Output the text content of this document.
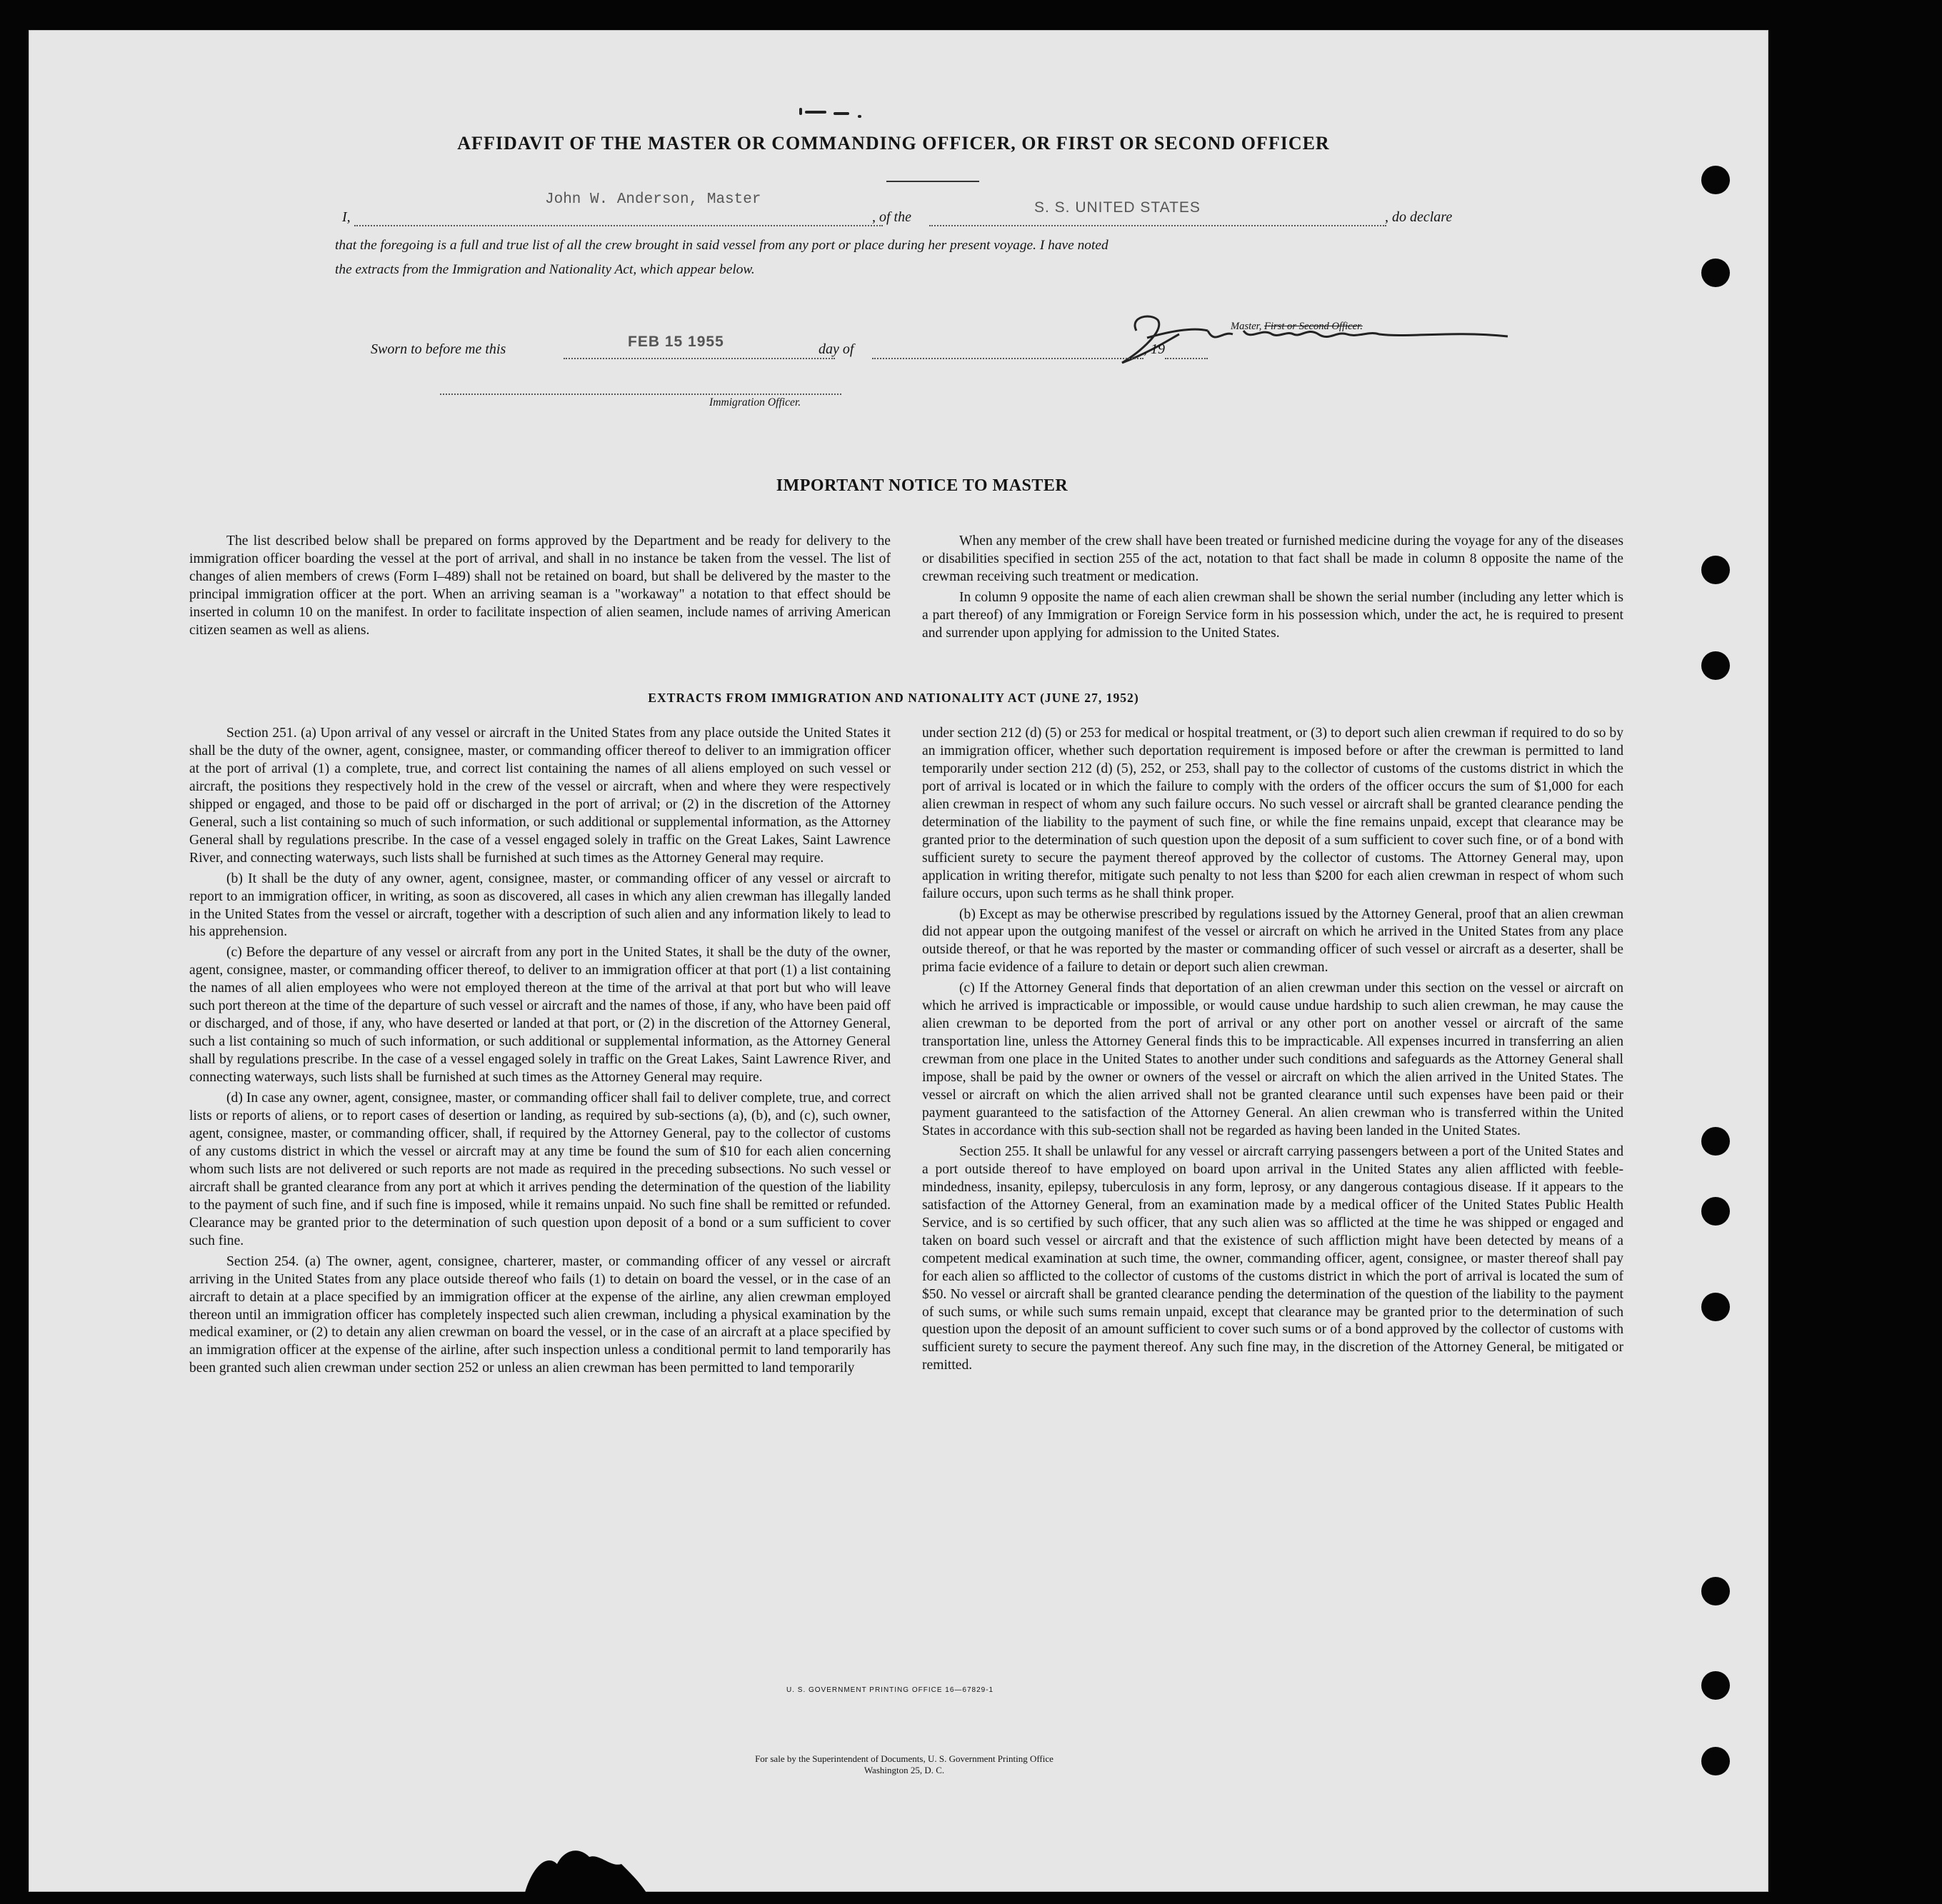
AFFIDAVIT OF THE MASTER OR COMMANDING OFFICER, OR FIRST OR SECOND OFFICER
I,
John W. Anderson, Master
, of the
S. S. UNITED STATES
, do declare
that the foregoing is a full and true list of all the crew brought in said vessel from any port or place during her present voyage. I have noted
the extracts from the Immigration and Nationality Act, which appear below.
Master, First or Second Officer.
Sworn to before me this	FEB 15 1955	day of	, 19
Immigration Officer.
IMPORTANT NOTICE TO MASTER

The list described below shall be prepared on forms approved by the Department and be ready for delivery to the immigration officer boarding the vessel at the port of arrival, and shall in no instance be taken from the vessel. The list of changes of alien members of crews (Form I–489) shall not be retained on board, but shall be delivered by the master to the principal immigration officer at the port. When an arriving seaman is a "workaway" a notation to that effect should be inserted in column 10 on the manifest. In order to facilitate inspection of alien seamen, include names of arriving American citizen seamen as well as aliens.

When any member of the crew shall have been treated or furnished medicine during the voyage for any of the diseases or disabilities specified in section 255 of the act, notation to that fact shall be made in column 8 opposite the name of the crewman receiving such treatment or medication.

In column 9 opposite the name of each alien crewman shall be shown the serial number (including any letter which is a part thereof) of any Immigration or Foreign Service form in his possession which, under the act, he is required to present and surrender upon applying for admission to the United States.

EXTRACTS FROM IMMIGRATION AND NATIONALITY ACT (JUNE 27, 1952)

Section 251. (a) Upon arrival of any vessel or aircraft in the United States from any place outside the United States it shall be the duty of the owner, agent, consignee, master, or commanding officer thereof to deliver to an immigration officer at the port of arrival (1) a complete, true, and correct list containing the names of all aliens employed on such vessel or aircraft, the positions they respectively hold in the crew of the vessel or aircraft, when and where they were respectively shipped or engaged, and those to be paid off or discharged in the port of arrival; or (2) in the discretion of the Attorney General, such a list containing so much of such information, or such additional or supplemental information, as the Attorney General shall by regulations prescribe. In the case of a vessel engaged solely in traffic on the Great Lakes, Saint Lawrence River, and connecting waterways, such lists shall be furnished at such times as the Attorney General may require.

(b) It shall be the duty of any owner, agent, consignee, master, or commanding officer of any vessel or aircraft to report to an immigration officer, in writing, as soon as discovered, all cases in which any alien crewman has illegally landed in the United States from the vessel or aircraft, together with a description of such alien and any information likely to lead to his apprehension.

(c) Before the departure of any vessel or aircraft from any port in the United States, it shall be the duty of the owner, agent, consignee, master, or commanding officer thereof, to deliver to an immigration officer at that port (1) a list containing the names of all alien employees who were not employed thereon at the time of the arrival at that port but who will leave such port thereon at the time of the departure of such vessel or aircraft and the names of those, if any, who have been paid off or discharged, and of those, if any, who have deserted or landed at that port, or (2) in the discretion of the Attorney General, such a list containing so much of such information, or such additional or supplemental information, as the Attorney General shall by regulations prescribe. In the case of a vessel engaged solely in traffic on the Great Lakes, Saint Lawrence River, and connecting waterways, such lists shall be furnished at such times as the Attorney General may require.

(d) In case any owner, agent, consignee, master, or commanding officer shall fail to deliver complete, true, and correct lists or reports of aliens, or to report cases of desertion or landing, as required by sub-sections (a), (b), and (c), such owner, agent, consignee, master, or commanding officer, shall, if required by the Attorney General, pay to the collector of customs of any customs district in which the vessel or aircraft may at any time be found the sum of $10 for each alien concerning whom such lists are not delivered or such reports are not made as required in the preceding subsections. No such vessel or aircraft shall be granted clearance from any port at which it arrives pending the determination of the question of the liability to the payment of such fine, and if such fine is imposed, while it remains unpaid. No such fine shall be remitted or refunded. Clearance may be granted prior to the determination of such question upon deposit of a bond or a sum sufficient to cover such fine.

Section 254. (a) The owner, agent, consignee, charterer, master, or commanding officer of any vessel or aircraft arriving in the United States from any place outside thereof who fails (1) to detain on board the vessel, or in the case of an aircraft to detain at a place specified by an immigration officer at the expense of the airline, any alien crewman employed thereon until an immigration officer has completely inspected such alien crewman, including a physical examination by the medical examiner, or (2) to detain any alien crewman on board the vessel, or in the case of an aircraft at a place specified by an immigration officer at the expense of the airline, after such inspection unless a conditional permit to land temporarily has been granted such alien crewman under section 252 or unless an alien crewman has been permitted to land temporarily

under section 212 (d) (5) or 253 for medical or hospital treatment, or (3) to deport such alien crewman if required to do so by an immigration officer, whether such deportation requirement is imposed before or after the crewman is permitted to land temporarily under section 212 (d) (5), 252, or 253, shall pay to the collector of customs of the customs district in which the port of arrival is located or in which the failure to comply with the orders of the officer occurs the sum of $1,000 for each alien crewman in respect of whom any such failure occurs. No such vessel or aircraft shall be granted clearance pending the determination of the liability to the payment of such fine, or while the fine remains unpaid, except that clearance may be granted prior to the determination of such question upon the deposit of a sum sufficient to cover such fine, or of a bond with sufficient surety to secure the payment thereof approved by the collector of customs. The Attorney General may, upon application in writing therefor, mitigate such penalty to not less than $200 for each alien crewman in respect of whom such failure occurs, upon such terms as he shall think proper.

(b) Except as may be otherwise prescribed by regulations issued by the Attorney General, proof that an alien crewman did not appear upon the outgoing manifest of the vessel or aircraft on which he arrived in the United States from any place outside thereof, or that he was reported by the master or commanding officer of such vessel or aircraft as a deserter, shall be prima facie evidence of a failure to detain or deport such alien crewman.

(c) If the Attorney General finds that deportation of an alien crewman under this section on the vessel or aircraft on which he arrived is impracticable or impossible, or would cause undue hardship to such alien crewman, he may cause the alien crewman to be deported from the port of arrival or any other port on another vessel or aircraft of the same transportation line, unless the Attorney General finds this to be impracticable. All expenses incurred in transferring an alien crewman from one place in the United States to another under such conditions and safeguards as the Attorney General shall impose, shall be paid by the owner or owners of the vessel or aircraft on which the alien arrived in the United States. The vessel or aircraft on which the alien arrived shall not be granted clearance until such expenses have been paid or their payment guaranteed to the satisfaction of the Attorney General. An alien crewman who is transferred within the United States in accordance with this sub-section shall not be regarded as having been landed in the United States.

Section 255. It shall be unlawful for any vessel or aircraft carrying passengers between a port of the United States and a port outside thereof to have employed on board upon arrival in the United States any alien afflicted with feeble-mindedness, insanity, epilepsy, tuberculosis in any form, leprosy, or any dangerous contagious disease. If it appears to the satisfaction of the Attorney General, from an examination made by a medical officer of the United States Public Health Service, and is so certified by such officer, that any such alien was so afflicted at the time he was shipped or engaged and taken on board such vessel or aircraft and that the existence of such affliction might have been detected by means of a competent medical examination at such time, the owner, commanding officer, agent, consignee, or master thereof shall pay for each alien so afflicted to the collector of customs of the customs district in which the port of arrival is located the sum of $50. No vessel or aircraft shall be granted clearance pending the determination of the question of the liability to the payment of such sums, or while such sums remain unpaid, except that clearance may be granted prior to the determination of such question upon the deposit of an amount sufficient to cover such sums or of a bond approved by the collector of customs with sufficient surety to secure the payment thereof. Any such fine may, in the discretion of the Attorney General, be mitigated or remitted.

U. S. GOVERNMENT PRINTING OFFICE 16—67829-1
For sale by the Superintendent of Documents, U. S. Government Printing Office
Washington 25, D. C.
